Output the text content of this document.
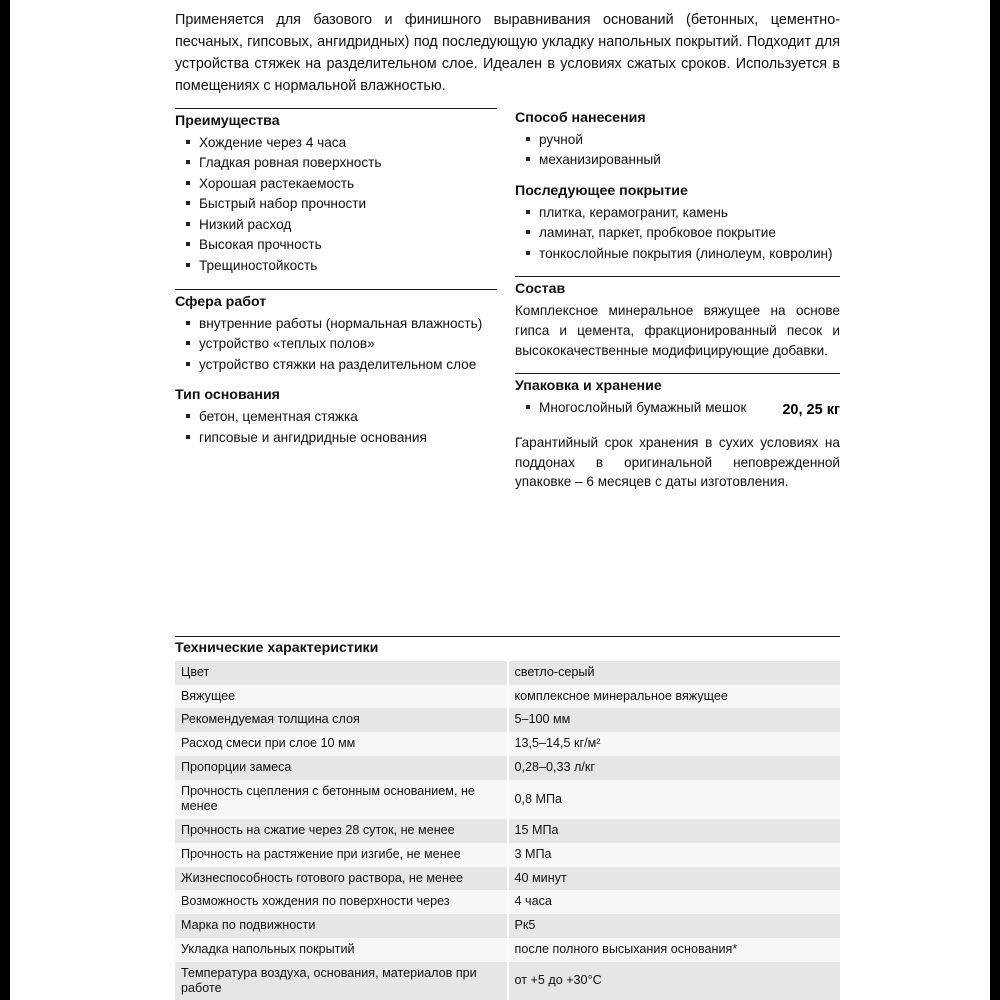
Применяется для базового и финишного выравнивания оснований (бетонных, цементно-песчаных, гипсовых, ангидридных) под последующую укладку напольных покрытий. Подходит для устройства стяжек на разделительном слое. Идеален в условиях сжатых сроков. Используется в помещениях с нормальной влажностью.
Преимущества
Хождение через 4 часа
Гладкая ровная поверхность
Хорошая растекаемость
Быстрый набор прочности
Низкий расход
Высокая прочность
Трещиностойкость
Сфера работ
внутренние работы (нормальная влажность)
устройство «теплых полов»
устройство стяжки на разделительном слое
Тип основания
бетон, цементная стяжка
гипсовые и ангидридные основания
Способ нанесения
ручной
механизированный
Последующее покрытие
плитка, керамогранит, камень
ламинат, паркет, пробковое покрытие
тонкослойные покрытия (линолеум, ковролин)
Состав
Комплексное минеральное вяжущее на основе гипса и цемента, фракционированный песок и высококачественные модифицирующие добавки.
Упаковка и хранение
Многослойный бумажный мешок	20, 25 кг
Гарантийный срок хранения в сухих условиях на поддонах в оригинальной неповрежденной упаковке – 6 месяцев с даты изготовления.
Технические характеристики
Цвет	светло-серый
Вяжущее	комплексное минеральное вяжущее
Рекомендуемая толщина слоя	5–100 мм
Расход смеси при слое 10 мм	13,5–14,5 кг/м²
Пропорции замеса	0,28–0,33 л/кг
Прочность сцепления с бетонным основанием, не менее	0,8 МПа
Прочность на сжатие через 28 суток, не менее	15 МПа
Прочность на растяжение при изгибе, не менее	3 МПа
Жизнеспособность готового раствора, не менее	40 минут
Возможность хождения по поверхности через	4 часа
Марка по подвижности	Рк5
Укладка напольных покрытий	после полного высыхания основания*
Температура воздуха, основания, материалов при работе	от +5 до +30°С
